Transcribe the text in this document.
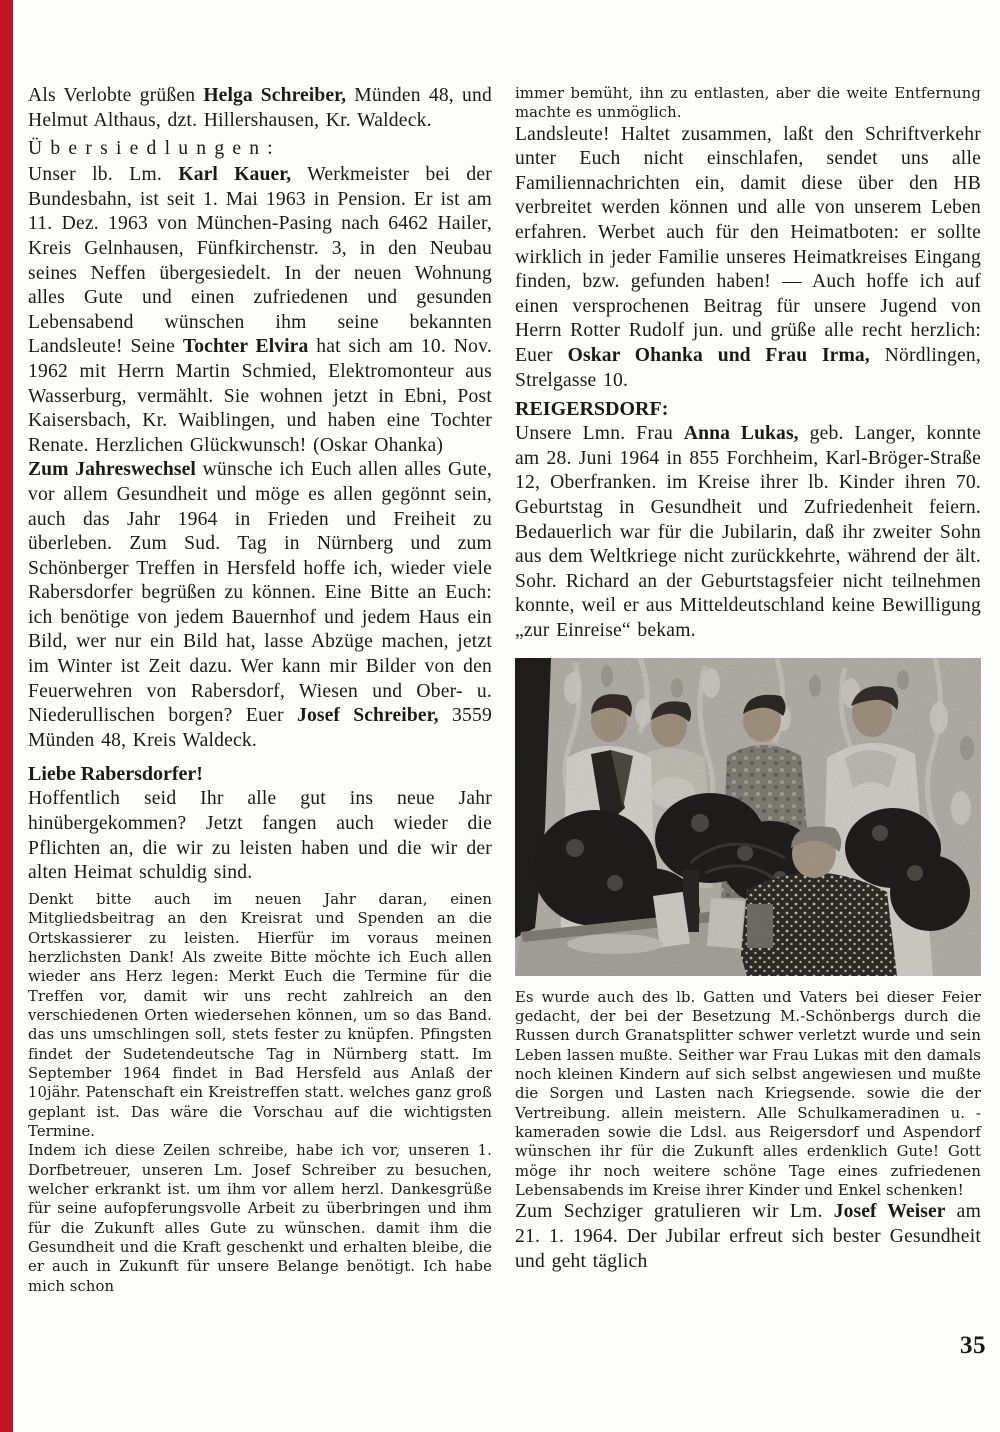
Als Verlobte grüßen Helga Schreiber, Münden 48, und Helmut Althaus, dzt. Hillershausen, Kr. Waldeck.

Übersiedlungen:

Unser lb. Lm. Karl Kauer, Werkmeister bei der Bundesbahn, ist seit 1. Mai 1963 in Pension. Er ist am 11. Dez. 1963 von München-Pasing nach 6462 Hailer, Kreis Gelnhausen, Fünfkirchenstr. 3, in den Neubau seines Neffen übergesiedelt. In der neuen Wohnung alles Gute und einen zufriedenen und gesunden Lebensabend wünschen ihm seine bekannten Landsleute! Seine Tochter Elvira hat sich am 10. Nov. 1962 mit Herrn Martin Schmied, Elektromonteur aus Wasserburg, vermählt. Sie wohnen jetzt in Ebni, Post Kaisersbach, Kr. Waiblingen, und haben eine Tochter Renate. Herzlichen Glückwunsch! (Oskar Ohanka)

Zum Jahreswechsel wünsche ich Euch allen alles Gute, vor allem Gesundheit und möge es allen gegönnt sein, auch das Jahr 1964 in Frieden und Freiheit zu überleben. Zum Sud. Tag in Nürnberg und zum Schönberger Treffen in Hersfeld hoffe ich, wieder viele Rabersdorfer begrüßen zu können. Eine Bitte an Euch: ich benötige von jedem Bauernhof und jedem Haus ein Bild, wer nur ein Bild hat, lasse Abzüge machen, jetzt im Winter ist Zeit dazu. Wer kann mir Bilder von den Feuerwehren von Rabersdorf, Wiesen und Ober- u. Niederullischen borgen? Euer Josef Schreiber, 3559 Münden 48, Kreis Waldeck.

Liebe Rabersdorfer!

Hoffentlich seid Ihr alle gut ins neue Jahr hinübergekommen? Jetzt fangen auch wieder die Pflichten an, die wir zu leisten haben und die wir der alten Heimat schuldig sind.

Denkt bitte auch im neuen Jahr daran, einen Mitgliedsbeitrag an den Kreisrat und Spenden an die Ortskassierer zu leisten. Hierfür im voraus meinen herzlichsten Dank! Als zweite Bitte möchte ich Euch allen wieder ans Herz legen: Merkt Euch die Termine für die Treffen vor, damit wir uns recht zahlreich an den verschiedenen Orten wiedersehen können, um so das Band. das uns umschlingen soll, stets fester zu knüpfen. Pfingsten findet der Sudetendeutsche Tag in Nürnberg statt. Im September 1964 findet in Bad Hersfeld aus Anlaß der 10jähr. Patenschaft ein Kreistreffen statt. welches ganz groß geplant ist. Das wäre die Vorschau auf die wichtigsten Termine.

Indem ich diese Zeilen schreibe, habe ich vor, unseren 1. Dorfbetreuer, unseren Lm. Josef Schreiber zu besuchen, welcher erkrankt ist. um ihm vor allem herzl. Dankesgrüße für seine aufopferungsvolle Arbeit zu überbringen und ihm für die Zukunft alles Gute zu wünschen. damit ihm die Gesundheit und die Kraft geschenkt und erhalten bleibe, die er auch in Zukunft für unsere Belange benötigt. Ich habe mich schon

immer bemüht, ihn zu entlasten, aber die weite Entfernung machte es unmöglich.

Landsleute! Haltet zusammen, laßt den Schriftverkehr unter Euch nicht einschlafen, sendet uns alle Familiennachrichten ein, damit diese über den HB verbreitet werden können und alle von unserem Leben erfahren. Werbet auch für den Heimatboten: er sollte wirklich in jeder Familie unseres Heimatkreises Eingang finden, bzw. gefunden haben! — Auch hoffe ich auf einen versprochenen Beitrag für unsere Jugend von Herrn Rotter Rudolf jun. und grüße alle recht herzlich: Euer Oskar Ohanka und Frau Irma, Nördlingen, Strelgasse 10.

REIGERSDORF:

Unsere Lmn. Frau Anna Lukas, geb. Langer, konnte am 28. Juni 1964 in 855 Forchheim, Karl-Bröger-Straße 12, Oberfranken. im Kreise ihrer lb. Kinder ihren 70. Geburtstag in Gesundheit und Zufriedenheit feiern. Bedauerlich war für die Jubilarin, daß ihr zweiter Sohn aus dem Weltkriege nicht zurückkehrte, während der ält. Sohr. Richard an der Geburtstagsfeier nicht teilnehmen konnte, weil er aus Mitteldeutschland keine Bewilligung „zur Einreise“ bekam.

Es wurde auch des lb. Gatten und Vaters bei dieser Feier gedacht, der bei der Besetzung M.-Schönbergs durch die Russen durch Granatsplitter schwer verletzt wurde und sein Leben lassen mußte. Seither war Frau Lukas mit den damals noch kleinen Kindern auf sich selbst angewiesen und mußte die Sorgen und Lasten nach Kriegsende. sowie die der Vertreibung. allein meistern. Alle Schulkameradinen u. -kameraden sowie die Ldsl. aus Reigersdorf und Aspendorf wünschen ihr für die Zukunft alles erdenklich Gute! Gott möge ihr noch weitere schöne Tage eines zufriedenen Lebensabends im Kreise ihrer Kinder und Enkel schenken!

Zum Sechziger gratulieren wir Lm. Josef Weiser am 21. 1. 1964. Der Jubilar erfreut sich bester Gesundheit und geht täglich

35
